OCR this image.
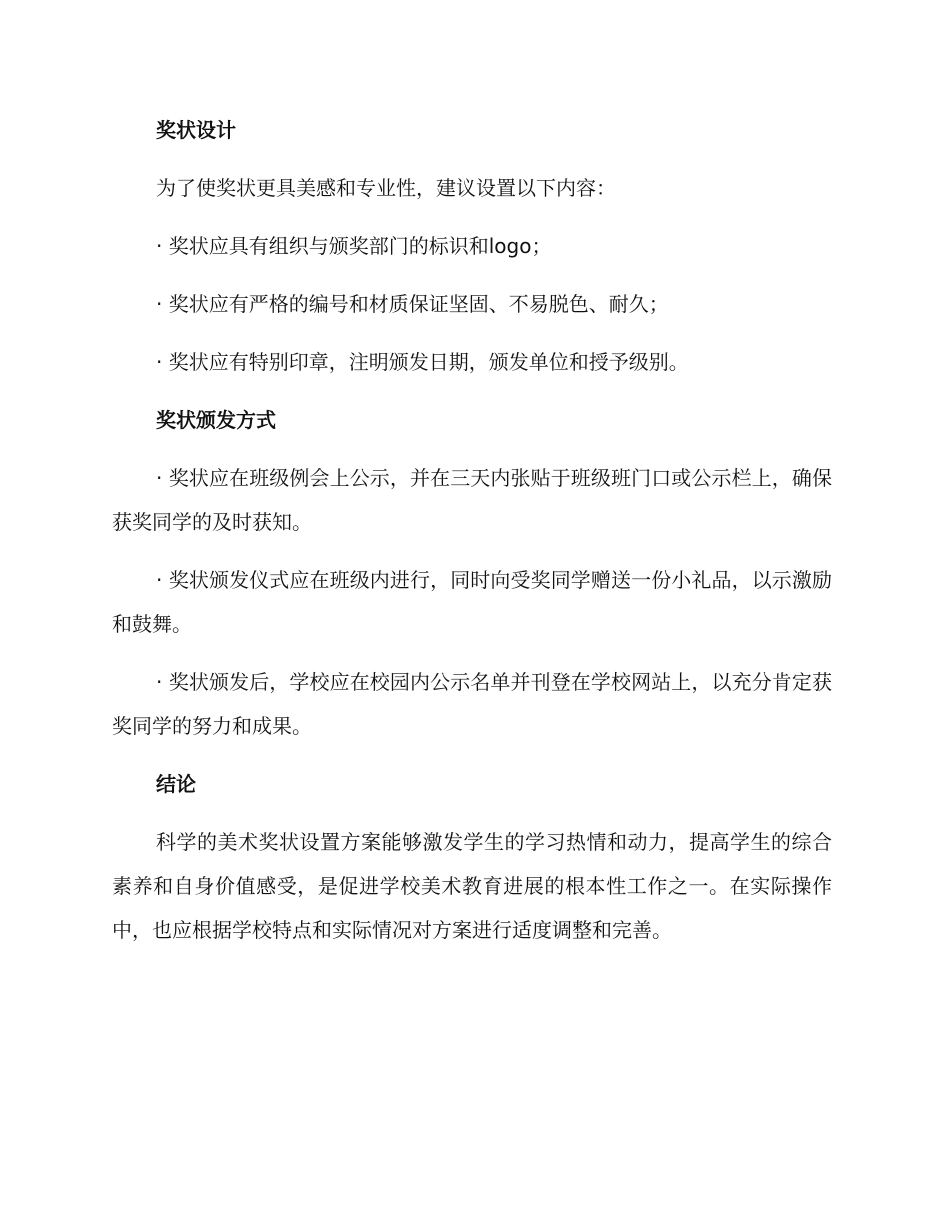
奖状设计

为了使奖状更具美感和专业性，建议设置以下内容：

· 奖状应具有组织与颁奖部门的标识和logo；

· 奖状应有严格的编号和材质保证坚固、不易脱色、耐久；

· 奖状应有特别印章，注明颁发日期，颁发单位和授予级别。

奖状颁发方式

· 奖状应在班级例会上公示，并在三天内张贴于班级班门口或公示栏上，确保获奖同学的及时获知。

· 奖状颁发仪式应在班级内进行，同时向受奖同学赠送一份小礼品，以示激励和鼓舞。

· 奖状颁发后，学校应在校园内公示名单并刊登在学校网站上，以充分肯定获奖同学的努力和成果。

结论

科学的美术奖状设置方案能够激发学生的学习热情和动力，提高学生的综合素养和自身价值感受，是促进学校美术教育进展的根本性工作之一。在实际操作中，也应根据学校特点和实际情况对方案进行适度调整和完善。
